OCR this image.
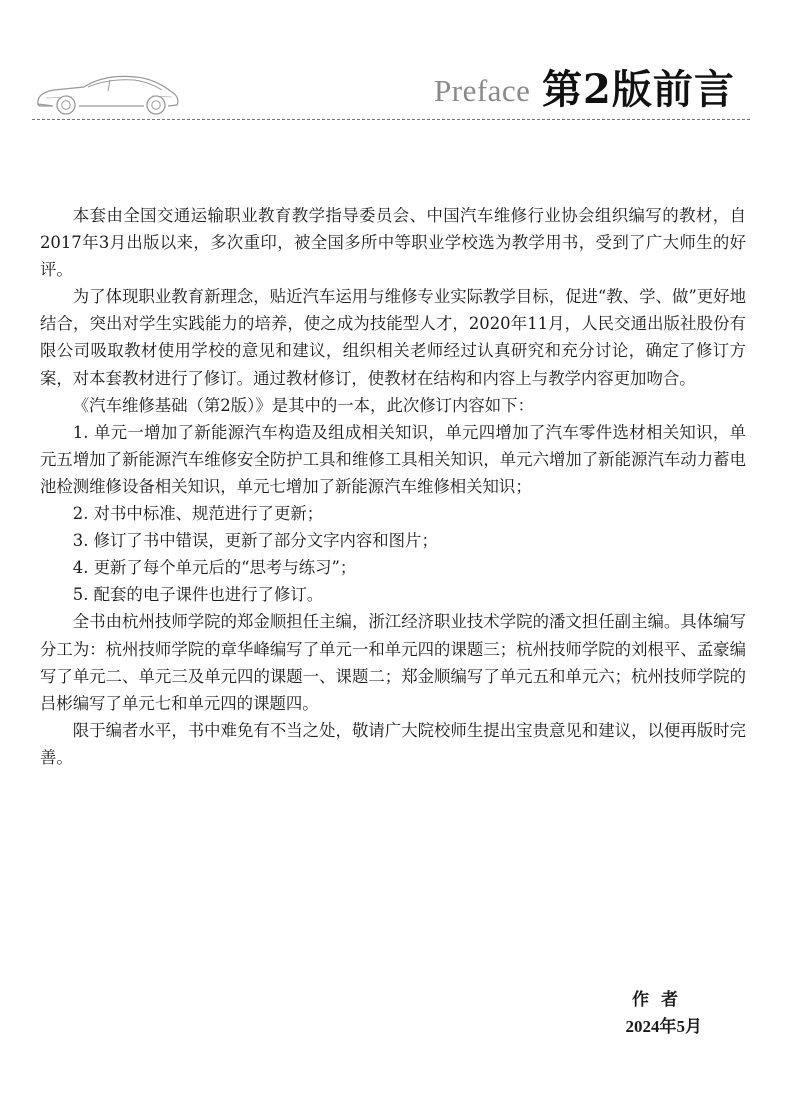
Preface 第2版前言

本套由全国交通运输职业教育教学指导委员会、中国汽车维修行业协会组织编写的教材，自2017年3月出版以来，多次重印，被全国多所中等职业学校选为教学用书，受到了广大师生的好评。

为了体现职业教育新理念，贴近汽车运用与维修专业实际教学目标，促进“教、学、做”更好地结合，突出对学生实践能力的培养，使之成为技能型人才，2020年11月，人民交通出版社股份有限公司吸取教材使用学校的意见和建议，组织相关老师经过认真研究和充分讨论，确定了修订方案，对本套教材进行了修订。通过教材修订，使教材在结构和内容上与教学内容更加吻合。

《汽车维修基础（第2版）》是其中的一本，此次修订内容如下：

1. 单元一增加了新能源汽车构造及组成相关知识，单元四增加了汽车零件选材相关知识，单元五增加了新能源汽车维修安全防护工具和维修工具相关知识，单元六增加了新能源汽车动力蓄电池检测维修设备相关知识，单元七增加了新能源汽车维修相关知识；

2. 对书中标准、规范进行了更新；

3. 修订了书中错误，更新了部分文字内容和图片；

4. 更新了每个单元后的“思考与练习”；

5. 配套的电子课件也进行了修订。

全书由杭州技师学院的郑金顺担任主编，浙江经济职业技术学院的潘文担任副主编。具体编写分工为：杭州技师学院的章华峰编写了单元一和单元四的课题三；杭州技师学院的刘根平、孟豪编写了单元二、单元三及单元四的课题一、课题二；郑金顺编写了单元五和单元六；杭州技师学院的吕彬编写了单元七和单元四的课题四。

限于编者水平，书中难免有不当之处，敬请广大院校师生提出宝贵意见和建议，以便再版时完善。

作者
2024年5月
